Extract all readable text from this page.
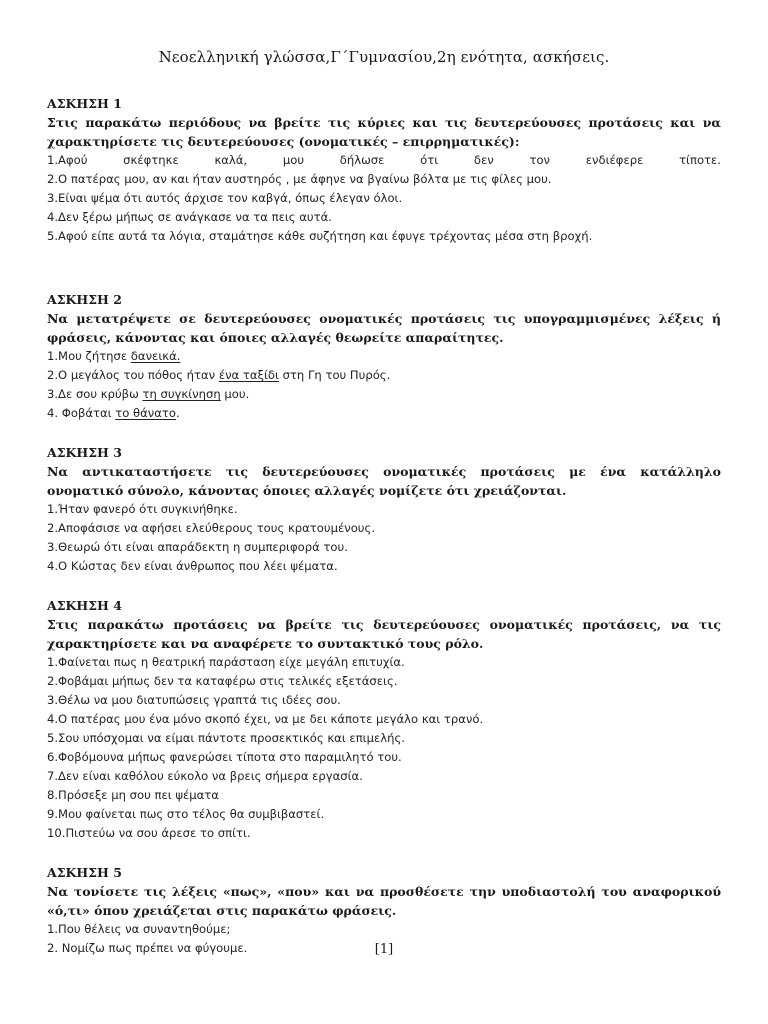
Νεοελληνική γλώσσα,Γ΄Γυμνασίου,2η ενότητα, ασκήσεις.
ΑΣΚΗΣΗ 1
Στις παρακάτω περιόδους να βρείτε τις κύριες και τις δευτερεύουσες προτάσεις και να χαρακτηρίσετε τις δευτερεύουσες (ονοματικές – επιρρηματικές):
1.Αφού σκέφτηκε καλά, μου δήλωσε ότι δεν τον ενδιέφερε τίποτε.
2.Ο πατέρας μου, αν και ήταν αυστηρός , με άφηνε να βγαίνω βόλτα με τις φίλες μου.
3.Είναι ψέμα ότι αυτός άρχισε τον καβγά, όπως έλεγαν όλοι.
4.Δεν ξέρω μήπως σε ανάγκασε να τα πεις αυτά.
5.Αφού είπε αυτά τα λόγια, σταμάτησε κάθε συζήτηση και έφυγε τρέχοντας μέσα στη βροχή.
ΑΣΚΗΣΗ 2
Να μετατρέψετε σε δευτερεύουσες ονοματικές προτάσεις τις υπογραμμισμένες λέξεις ή φράσεις, κάνοντας και όποιες αλλαγές θεωρείτε απαραίτητες.
1.Μου ζήτησε δανεικά.
2.Ο μεγάλος του πόθος ήταν ένα ταξίδι στη Γη του Πυρός.
3.Δε σου κρύβω τη συγκίνηση μου.
4. Φοβάται το θάνατο.
ΑΣΚΗΣΗ 3
Να αντικαταστήσετε τις δευτερεύουσες ονοματικές προτάσεις με ένα κατάλληλο ονοματικό σύνολο, κάνοντας όποιες αλλαγές νομίζετε ότι χρειάζονται.
1.Ήταν φανερό ότι συγκινήθηκε.
2.Αποφάσισε να αφήσει ελεύθερους τους κρατουμένους.
3.Θεωρώ ότι είναι απαράδεκτη η συμπεριφορά του.
4.Ο Κώστας δεν είναι άνθρωπος που λέει ψέματα.
ΑΣΚΗΣΗ 4
Στις παρακάτω προτάσεις να βρείτε τις δευτερεύουσες ονοματικές προτάσεις, να τις χαρακτηρίσετε και να αναφέρετε το συντακτικό τους ρόλο.
1.Φαίνεται πως η θεατρική παράσταση είχε μεγάλη επιτυχία.
2.Φοβάμαι μήπως δεν τα καταφέρω στις τελικές εξετάσεις.
3.Θέλω να μου διατυπώσεις γραπτά τις ιδέες σου.
4.Ο πατέρας μου ένα μόνο σκοπό έχει, να με δει κάποτε μεγάλο και τρανό.
5.Σου υπόσχομαι να είμαι πάντοτε προσεκτικός και επιμελής.
6.Φοβόμουνα μήπως φανερώσει τίποτα στο παραμιλητό του.
7.Δεν είναι καθόλου εύκολο να βρεις σήμερα εργασία.
8.Πρόσεξε μη σου πει ψέματα
9.Μου φαίνεται πως στο τέλος θα συμβιβαστεί.
10.Πιστεύω να σου άρεσε το σπίτι.
ΑΣΚΗΣΗ 5
Να τονίσετε τις λέξεις «πως», «που» και να προσθέσετε την υποδιαστολή του αναφορικού «ό,τι» όπου χρειάζεται στις παρακάτω φράσεις.
1.Που θέλεις να συναντηθούμε;
2. Νομίζω πως πρέπει να φύγουμε.	[1]
